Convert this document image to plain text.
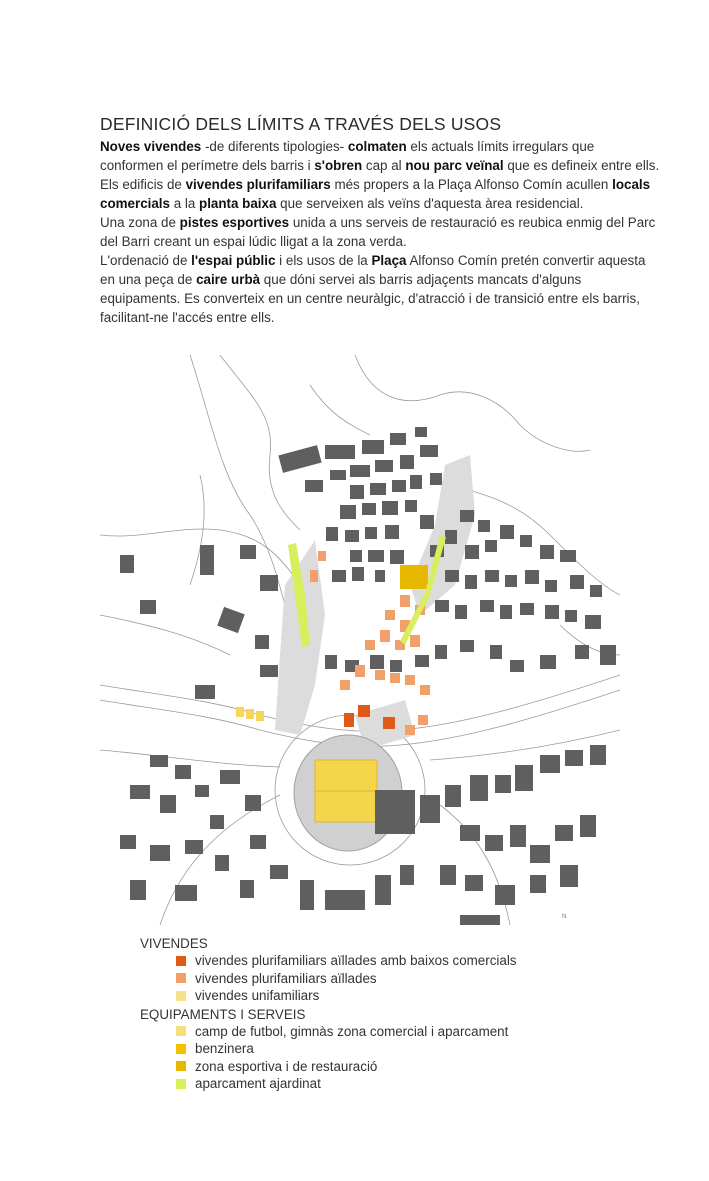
DEFINICIÓ DELS LÍMITS A TRAVÉS DELS USOS

Noves vivendes -de diferents tipologies- colmaten els actuals límits irregulars que conformen el perímetre dels barris i s'obren cap al nou parc veïnal que es defineix entre ells.

Els edificis de vivendes plurifamiliars més propers a la Plaça Alfonso Comín acullen locals comercials a la planta baixa que serveixen als veïns d'aquesta àrea residencial.

Una zona de pistes esportives unida a uns serveis de restauració es reubica enmig del Parc del Barri creant un espai lúdic lligat a la zona verda.

L'ordenació de l'espai públic i els usos de la Plaça Alfonso Comín pretén convertir aquesta en una peça de caire urbà que dóni servei als barris adjaçents mancats d'alguns equipaments. Es converteix en un centre neuràlgic, d'atracció i de transició entre els barris, facilitant-ne l'accés entre ells.

N
VIVENDES
vivendes plurifamiliars aïllades amb baixos comercials
vivendes plurifamiliars aïllades
vivendes unifamiliars
EQUIPAMENTS I SERVEIS
camp de futbol, gimnàs zona comercial i aparcament
benzinera
zona esportiva i de restauració
aparcament ajardinat
